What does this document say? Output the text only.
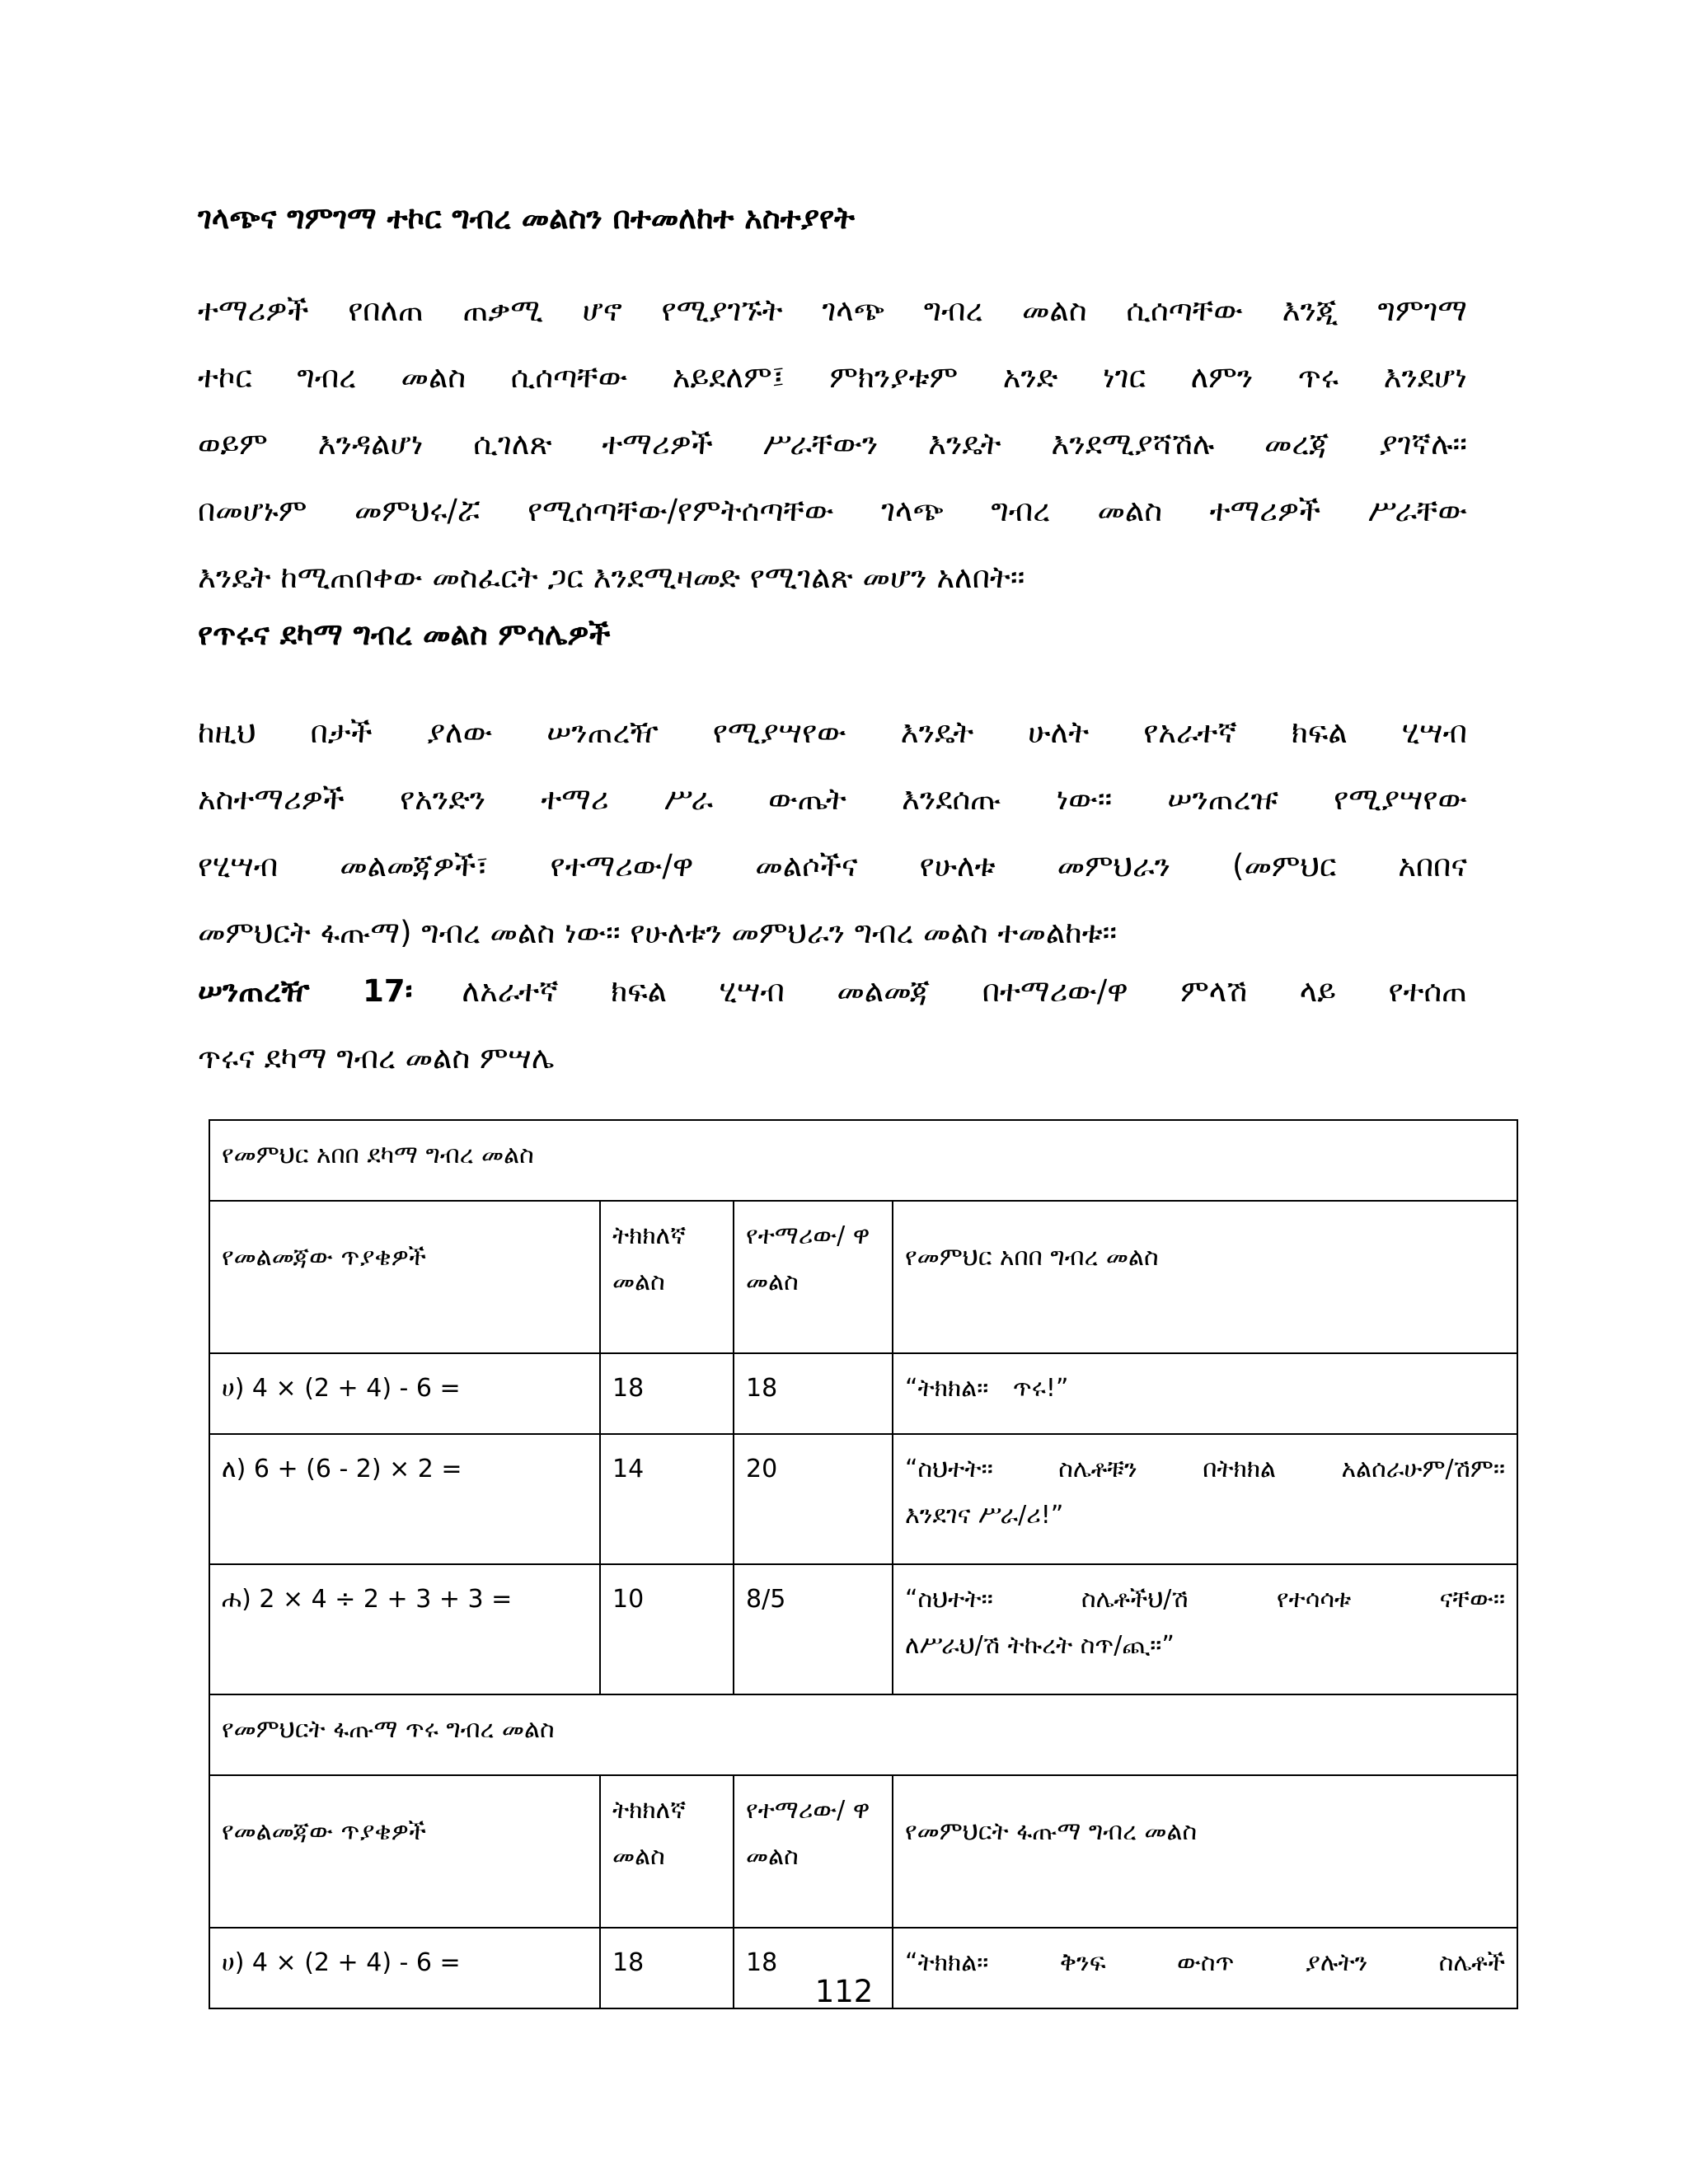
ገላጭና ግምገማ ተኮር ግብረ መልስን በተመለከተ አስተያየት

ተማሪዎች የበለጠ ጠቃሚ ሆኖ የሚያገኙት ገላጭ ግብረ መልስ ሲሰጣቸው እንጂ ግምገማ

ተኮር ግብረ መልስ ሲሰጣቸው አይደለም፤ ምክንያቱም አንድ ነገር ለምን ጥሩ እንደሆነ

ወይም እንዳልሆነ ሲገለጽ ተማሪዎች ሥራቸውን እንዴት እንደሚያሻሽሉ መረጃ ያገኛሉ፡፡

በመሆኑም መምህሩ/ሯ የሚሰጣቸው/የምትሰጣቸው ገላጭ ግብረ መልስ ተማሪዎች ሥራቸው

እንዴት ከሚጠበቀው መስፈርት ጋር እንደሚዛመድ የሚገልጽ መሆን አለበት፡፡

የጥሩና ደካማ ግብረ መልስ ምሳሌዎች

ከዚህ በታች ያለው ሠንጠረዥ የሚያሣየው እንዴት ሁለት የአራተኛ ክፍል ሂሣብ

አስተማሪዎች የአንድን ተማሪ ሥራ ውጤት እንደሰጡ ነው፡፡ ሠንጠረዡ የሚያሣየው

የሂሣብ መልመጃዎች፣ የተማሪው/ዋ መልሶችና የሁለቱ መምህራን (መምህር አበበና

መምህርት ፋጡማ) ግብረ መልስ ነው፡፡ የሁለቱን መምህራን ግብረ መልስ ተመልከቱ፡፡

ሠንጠረዥ 17፡ ለአራተኛ ክፍል ሂሣብ መልመጃ በተማሪው/ዋ ምላሽ ላይ የተሰጠ
ጥሩና ደካማ ግብረ መልስ ምሣሌ
የመምህር አበበ ደካማ ግብረ መልስ			
የመልመጃው ጥያቄዎች	ትክክለኛ መልስ	የተማሪው/ ዋ መልስ	የመምህር አበበ ግብረ መልስ
ሀ) 4 × (2 + 4) - 6 =	18	18	“ትክክል፡፡ ጥሩ!”
ለ) 6 + (6 - 2) × 2 =	14	20	“ስህተት፡፡ ስሌቶቹን በትክክል አልሰራሁም/ሽም፡፡
እንደገና ሥራ/ሪ!”

ሐ) 2 × 4 ÷ 2 + 3 + 3 =	10	8/5	“ስህተት፡፡ ስሌቶችህ/ሽ የተሳሳቱ ናቸው፡፡
ለሥራህ/ሽ ትኩረት ስጥ/ጪ፡፡”

የመምህርት ፋጡማ ጥሩ ግብረ መልስ			
የመልመጃው ጥያቄዎች	ትክክለኛ መልስ	የተማሪው/ ዋ መልስ	የመምህርት ፋጡማ ግብረ መልስ
ሀ) 4 × (2 + 4) - 6 =	18	18	“ትክክል፡፡ ቅንፍ ውስጥ ያሉትን ስሌቶች

112
